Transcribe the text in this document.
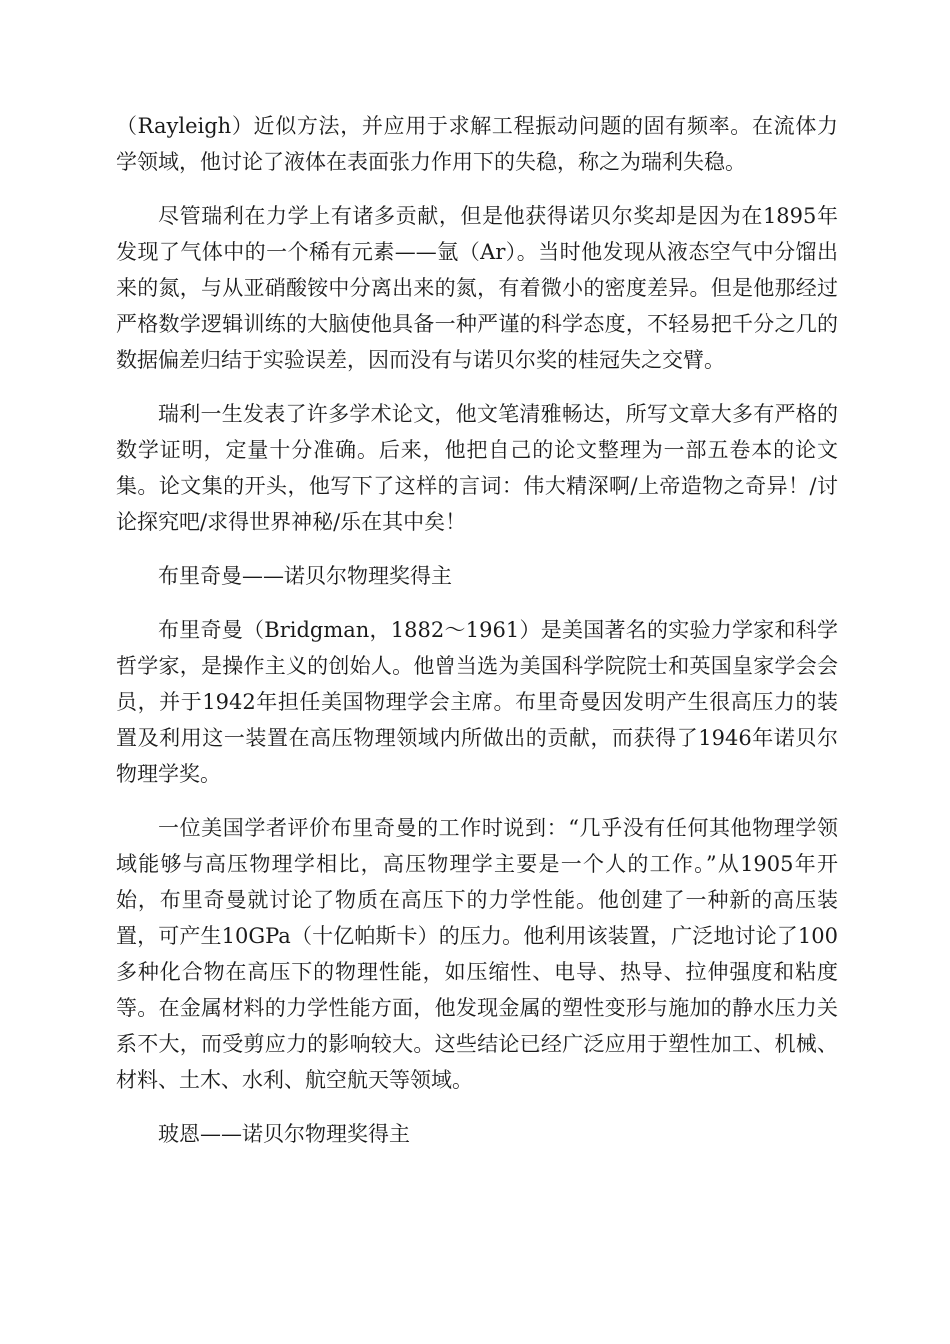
（Rayleigh）近似方法，并应用于求解工程振动问题的固有频率。在流体力学领域，他讨论了液体在表面张力作用下的失稳，称之为瑞利失稳。

尽管瑞利在力学上有诸多贡献，但是他获得诺贝尔奖却是因为在1895年发现了气体中的一个稀有元素——氩（Ar）。当时他发现从液态空气中分馏出来的氮，与从亚硝酸铵中分离出来的氮，有着微小的密度差异。但是他那经过严格数学逻辑训练的大脑使他具备一种严谨的科学态度，不轻易把千分之几的数据偏差归结于实验误差，因而没有与诺贝尔奖的桂冠失之交臂。

瑞利一生发表了许多学术论文，他文笔清雅畅达，所写文章大多有严格的数学证明，定量十分准确。后来，他把自己的论文整理为一部五卷本的论文集。论文集的开头，他写下了这样的言词：伟大精深啊/上帝造物之奇异！/讨论探究吧/求得世界神秘/乐在其中矣！

布里奇曼——诺贝尔物理奖得主

布里奇曼（Bridgman，1882～1961）是美国著名的实验力学家和科学哲学家，是操作主义的创始人。他曾当选为美国科学院院士和英国皇家学会会员，并于1942年担任美国物理学会主席。布里奇曼因发明产生很高压力的装置及利用这一装置在高压物理领域内所做出的贡献，而获得了1946年诺贝尔物理学奖。

一位美国学者评价布里奇曼的工作时说到：“几乎没有任何其他物理学领域能够与高压物理学相比，高压物理学主要是一个人的工作。”从1905年开始，布里奇曼就讨论了物质在高压下的力学性能。他创建了一种新的高压装置，可产生10GPa（十亿帕斯卡）的压力。他利用该装置，广泛地讨论了100多种化合物在高压下的物理性能，如压缩性、电导、热导、拉伸强度和粘度等。在金属材料的力学性能方面，他发现金属的塑性变形与施加的静水压力关系不大，而受剪应力的影响较大。这些结论已经广泛应用于塑性加工、机械、材料、土木、水利、航空航天等领域。

玻恩——诺贝尔物理奖得主
